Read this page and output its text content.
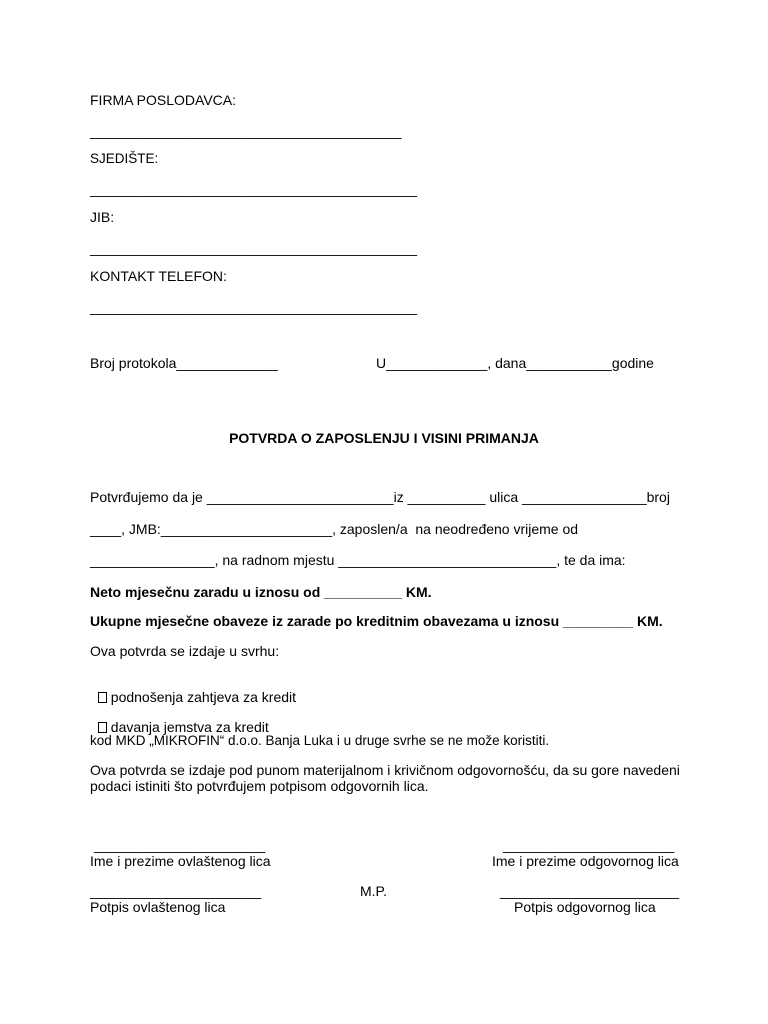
FIRMA POSLODAVCA:
________________________________________
SJEDIŠTE:
__________________________________________
JIB:
__________________________________________
KONTAKT TELEFON:
__________________________________________
Broj protokola_____________	U_____________, dana___________godine
POTVRDA O ZAPOSLENJU I VISINI PRIMANJA
Potvrđujemo da je ________________________iz __________ ulica ________________broj
____, JMB:______________________, zaposlen/a  na neodređeno vrijeme od
________________, na radnom mjestu ____________________________, te da ima:
Neto mjesečnu zaradu u iznosu od __________ KM.
Ukupne mjesečne obaveze iz zarade po kreditnim obavezama u iznosu _________ KM.
Ova potvrda se izdaje u svrhu:

podnošenja zahtjeva za kredit

davanja jemstva za kredit

kod MKD „MIKROFIN“ d.o.o. Banja Luka i u druge svrhe se ne može koristiti.
Ova potvrda se izdaje pod punom materijalnom i krivičnom odgovornošću, da su gore navedeni
podaci istiniti što potvrđujem potpisom odgovornih lica.
______________________	______________________
Ime i prezime ovlaštenog lica	Ime i prezime odgovornog lica
M.P.
______________________	_______________________
Potpis ovlaštenog lica	Potpis odgovornog lica
